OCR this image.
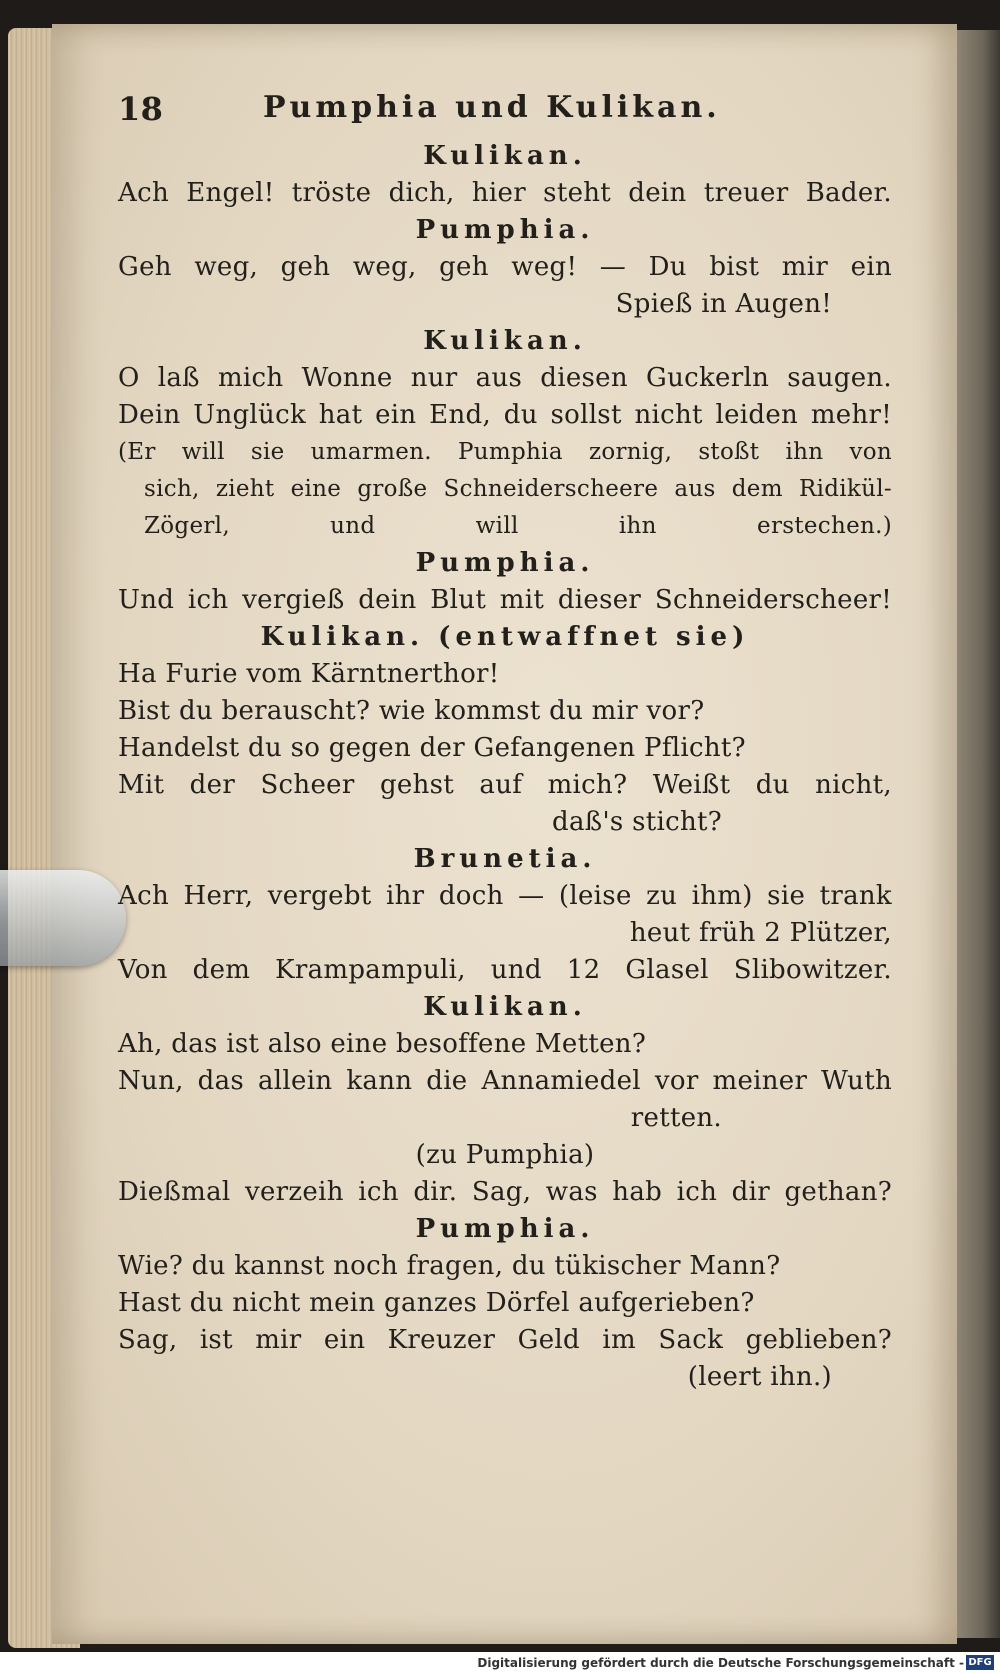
18	Pumphia und Kulikan.
Kulikan.
Ach Engel! tröste dich, hier steht dein treuer Bader.
Pumphia.
Geh weg, geh weg, geh weg! — Du bist mir ein
Spieß in Augen!
Kulikan.
O laß mich Wonne nur aus diesen Guckerln saugen.
Dein Unglück hat ein End, du sollst nicht leiden mehr!
(Er will sie umarmen. Pumphia zornig, stoßt ihn von
sich, zieht eine große Schneiderscheere aus dem Ridikül-
Zögerl, und will ihn erstechen.)
Pumphia.
Und ich vergieß dein Blut mit dieser Schneiderscheer!
Kulikan. (entwaffnet sie)
Ha Furie vom Kärntnerthor!
Bist du berauscht? wie kommst du mir vor?
Handelst du so gegen der Gefangenen Pflicht?
Mit der Scheer gehst auf mich? Weißt du nicht,
daß's sticht?
Brunetia.
Ach Herr, vergebt ihr doch — (leise zu ihm) sie trank
heut früh 2 Plützer,
Von dem Krampampuli, und 12 Glasel Slibowitzer.
Kulikan.
Ah, das ist also eine besoffene Metten?
Nun, das allein kann die Annamiedel vor meiner Wuth
retten.
(zu Pumphia)
Dießmal verzeih ich dir. Sag, was hab ich dir gethan?
Pumphia.
Wie? du kannst noch fragen, du tükischer Mann?
Hast du nicht mein ganzes Dörfel aufgerieben?
Sag, ist mir ein Kreuzer Geld im Sack geblieben?
(leert ihn.)
Digitalisierung gefördert durch die Deutsche Forschungsgemeinschaft - DFG
